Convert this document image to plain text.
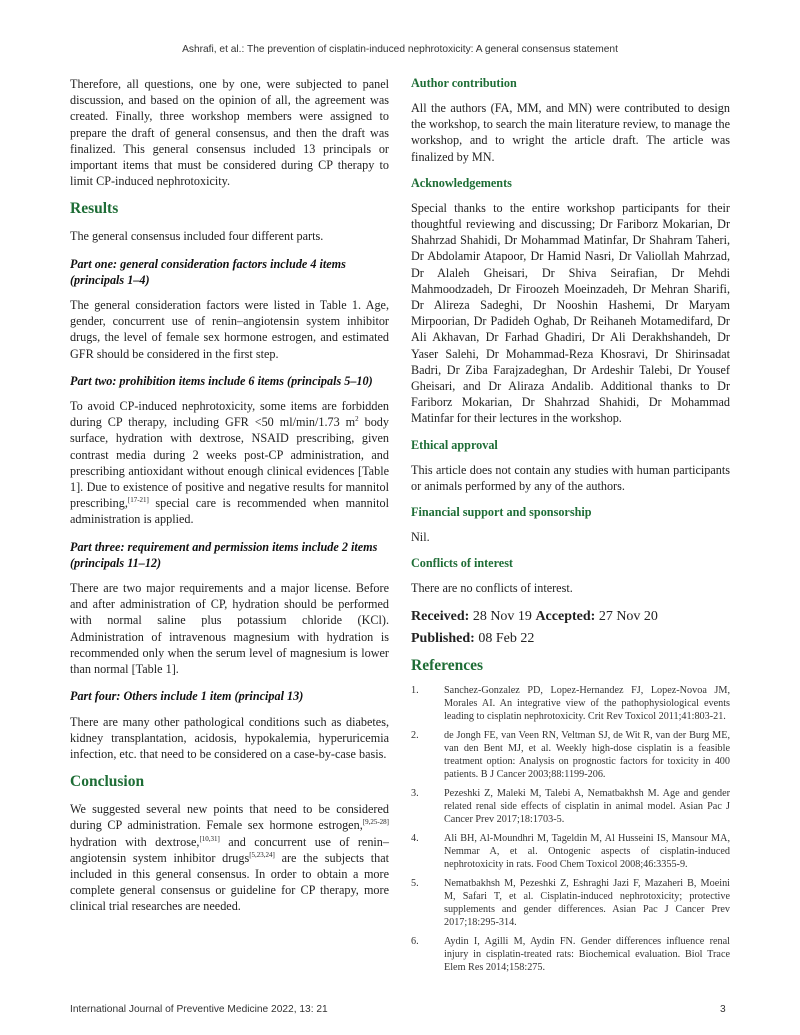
Ashrafi, et al.: The prevention of cisplatin-induced nephrotoxicity: A general consensus statement

Therefore, all questions, one by one, were subjected to panel discussion, and based on the opinion of all, the agreement was created. Finally, three workshop members were assigned to prepare the draft of general consensus, and then the draft was finalized. This general consensus included 13 principals or important items that must be considered during CP therapy to limit CP-induced nephrotoxicity.

Results

The general consensus included four different parts.

Part one: general consideration factors include 4 items (principals 1–4)

The general consideration factors were listed in Table 1. Age, gender, concurrent use of renin–angiotensin system inhibitor drugs, the level of female sex hormone estrogen, and estimated GFR should be considered in the first step.

Part two: prohibition items include 6 items (principals 5–10)

To avoid CP-induced nephrotoxicity, some items are forbidden during CP therapy, including GFR <50 ml/min/1.73 $m^2$ body surface, hydration with dextrose, NSAID prescribing, given contrast media during 2 weeks post-CP administration, and prescribing antioxidant without enough clinical evidences [Table 1]. Due to existence of positive and negative results for mannitol prescribing,[17-21] special care is recommended when mannitol administration is applied.

Part three: requirement and permission items include 2 items (principals 11–12)

There are two major requirements and a major license. Before and after administration of CP, hydration should be performed with normal saline plus potassium chloride (KCl). Administration of intravenous magnesium with hydration is recommended only when the serum level of magnesium is lower than normal [Table 1].

Part four: Others include 1 item (principal 13)

There are many other pathological conditions such as diabetes, kidney transplantation, acidosis, hypokalemia, hyperuricemia infection, etc. that need to be considered on a case-by-case basis.

Conclusion

We suggested several new points that need to be considered during CP administration. Female sex hormone estrogen,[9,25-28] hydration with dextrose,[10,31] and concurrent use of renin–angiotensin system inhibitor drugs[5,23,24] are the subjects that included in this general consensus. In order to obtain a more complete general consensus or guideline for CP therapy, more clinical trial researches are needed.

Author contribution

All the authors (FA, MM, and MN) were contributed to design the workshop, to search the main literature review, to manage the workshop, and to wright the article draft. The article was finalized by MN.

Acknowledgements

Special thanks to the entire workshop participants for their thoughtful reviewing and discussing; Dr Fariborz Mokarian, Dr Shahrzad Shahidi, Dr Mohammad Matinfar, Dr Shahram Taheri, Dr Abdolamir Atapoor, Dr Hamid Nasri, Dr Valiollah Mahrzad, Dr Alaleh Gheisari, Dr Shiva Seirafian, Dr Mehdi Mahmoodzadeh, Dr Firoozeh Moeinzadeh, Dr Mehran Sharifi, Dr Alireza Sadeghi, Dr Nooshin Hashemi, Dr Maryam Mirpoorian, Dr Padideh Oghab, Dr Reihaneh Motamedifard, Dr Ali Akhavan, Dr Farhad Ghadiri, Dr Ali Derakhshandeh, Dr Yaser Salehi, Dr Mohammad-Reza Khosravi, Dr Shirinsadat Badri, Dr Ziba Farajzadeghan, Dr Ardeshir Talebi, Dr Yousef Gheisari, and Dr Aliraza Andalib. Additional thanks to Dr Fariborz Mokarian, Dr Shahrzad Shahidi, Dr Mohammad Matinfar for their lectures in the workshop.

Ethical approval

This article does not contain any studies with human participants or animals performed by any of the authors.

Financial support and sponsorship

Nil.

Conflicts of interest

There are no conflicts of interest.

Received: 28 Nov 19 Accepted: 27 Nov 20
Published: 08 Feb 22
References
1. Sanchez-Gonzalez PD, Lopez-Hernandez FJ, Lopez-Novoa JM, Morales AI. An integrative view of the pathophysiological events leading to cisplatin nephrotoxicity. Crit Rev Toxicol 2011;41:803-21.
2. de Jongh FE, van Veen RN, Veltman SJ, de Wit R, van der Burg ME, van den Bent MJ, et al. Weekly high-dose cisplatin is a feasible treatment option: Analysis on prognostic factors for toxicity in 400 patients. B J Cancer 2003;88:1199-206.
3. Pezeshki Z, Maleki M, Talebi A, Nematbakhsh M. Age and gender related renal side effects of cisplatin in animal model. Asian Pac J Cancer Prev 2017;18:1703-5.
4. Ali BH, Al-Moundhri M, Tageldin M, Al Husseini IS, Mansour MA, Nemmar A, et al. Ontogenic aspects of cisplatin-induced nephrotoxicity in rats. Food Chem Toxicol 2008;46:3355-9.
5. Nematbakhsh M, Pezeshki Z, Eshraghi Jazi F, Mazaheri B, Moeini M, Safari T, et al. Cisplatin-induced nephrotoxicity; protective supplements and gender differences. Asian Pac J Cancer Prev 2017;18:295-314.
6. Aydin I, Agilli M, Aydin FN. Gender differences influence renal injury in cisplatin-treated rats: Biochemical evaluation. Biol Trace Elem Res 2014;158:275.
International Journal of Preventive Medicine 2022, 13: 21	3
